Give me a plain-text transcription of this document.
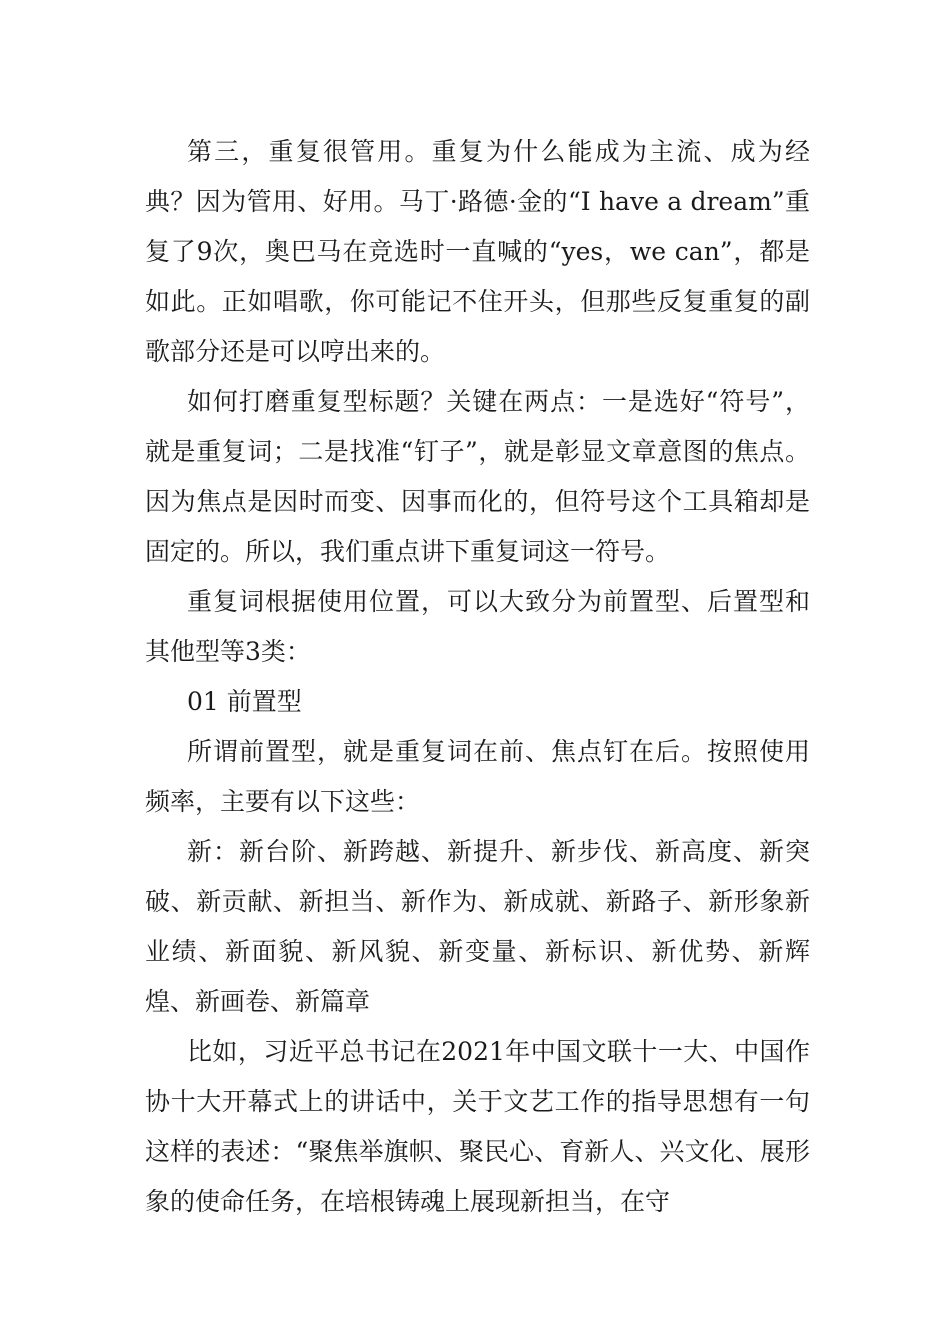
第三，重复很管用。重复为什么能成为主流、成为经典？因为管用、好用。马丁·路德·金的“I have a dream”重复了9次，奥巴马在竞选时一直喊的“yes，we can”，都是如此。正如唱歌，你可能记不住开头，但那些反复重复的副歌部分还是可以哼出来的。

如何打磨重复型标题？关键在两点：一是选好“符号”，就是重复词；二是找准“钉子”，就是彰显文章意图的焦点。因为焦点是因时而变、因事而化的，但符号这个工具箱却是固定的。所以，我们重点讲下重复词这一符号。

重复词根据使用位置，可以大致分为前置型、后置型和其他型等3类：

01 前置型

所谓前置型，就是重复词在前、焦点钉在后。按照使用频率，主要有以下这些：

新：新台阶、新跨越、新提升、新步伐、新高度、新突破、新贡献、新担当、新作为、新成就、新路子、新形象新业绩、新面貌、新风貌、新变量、新标识、新优势、新辉煌、新画卷、新篇章

比如，习近平总书记在2021年中国文联十一大、中国作协十大开幕式上的讲话中，关于文艺工作的指导思想有一句这样的表述：“聚焦举旗帜、聚民心、育新人、兴文化、展形象的使命任务，在培根铸魂上展现新担当，在守
